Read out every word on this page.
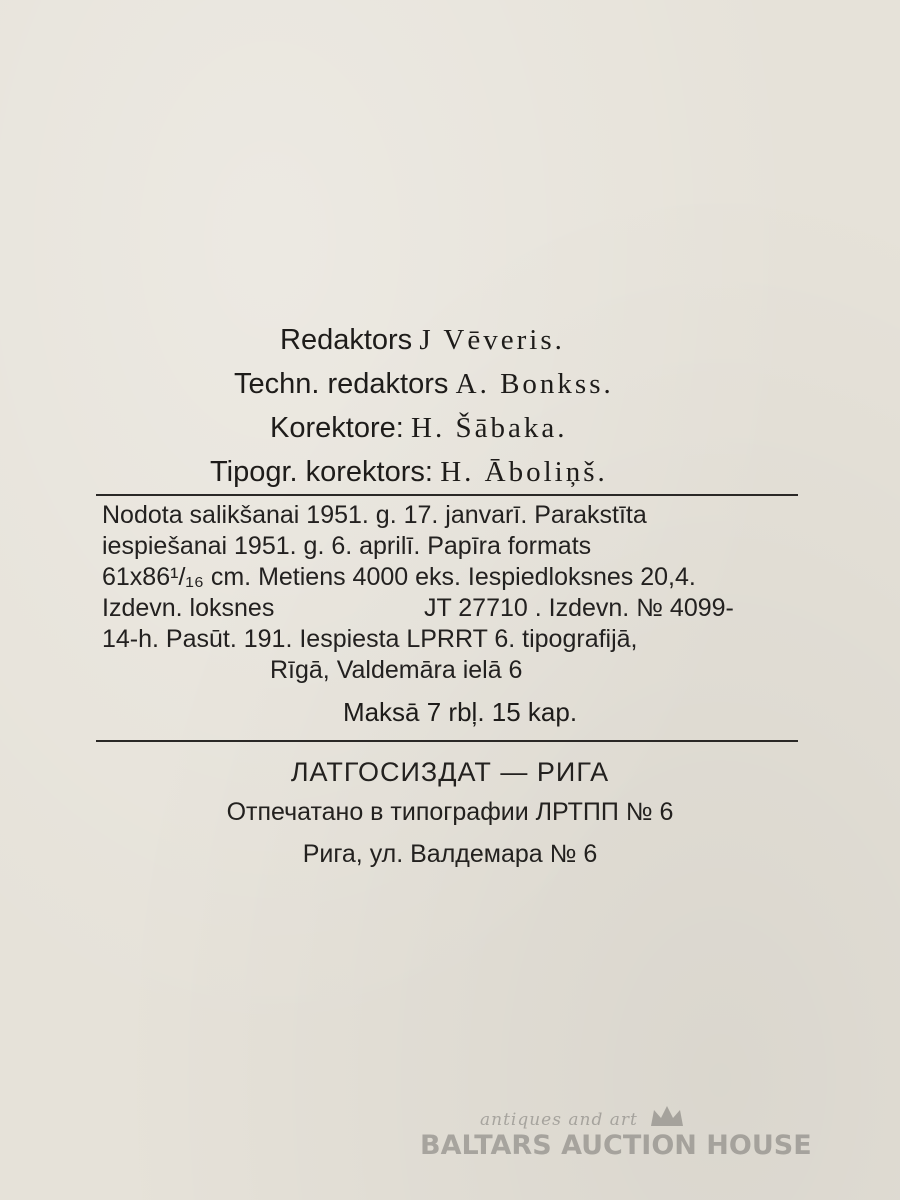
Redaktors J Vēveris.
Techn. redaktors A. Bonkss.
Korektore: H. Šābaka.
Tipogr. korektors: H. Āboliņš.
Nodota salikšanai 1951. g. 17. janvarī. Parakstīta
iespiešanai 1951. g. 6. aprilī. Papīra formats
61x86¹/₁₆ cm. Metiens 4000 eks. Iespiedloksnes 20,4.
Izdevn. loksnes	JT 27710 . Izdevn. № 4099-
14-h. Pasūt. 191. Iespiesta LPRRT 6. tipografijā,
Rīgā, Valdemāra ielā 6
Maksā 7 rbļ. 15 kap.
ЛАТГОСИЗДАТ — РИГА
Отпечатано в типографии ЛРТПП № 6
Рига, ул. Валдемара № 6
antiques and art
BALTARS AUCTION HOUSE
